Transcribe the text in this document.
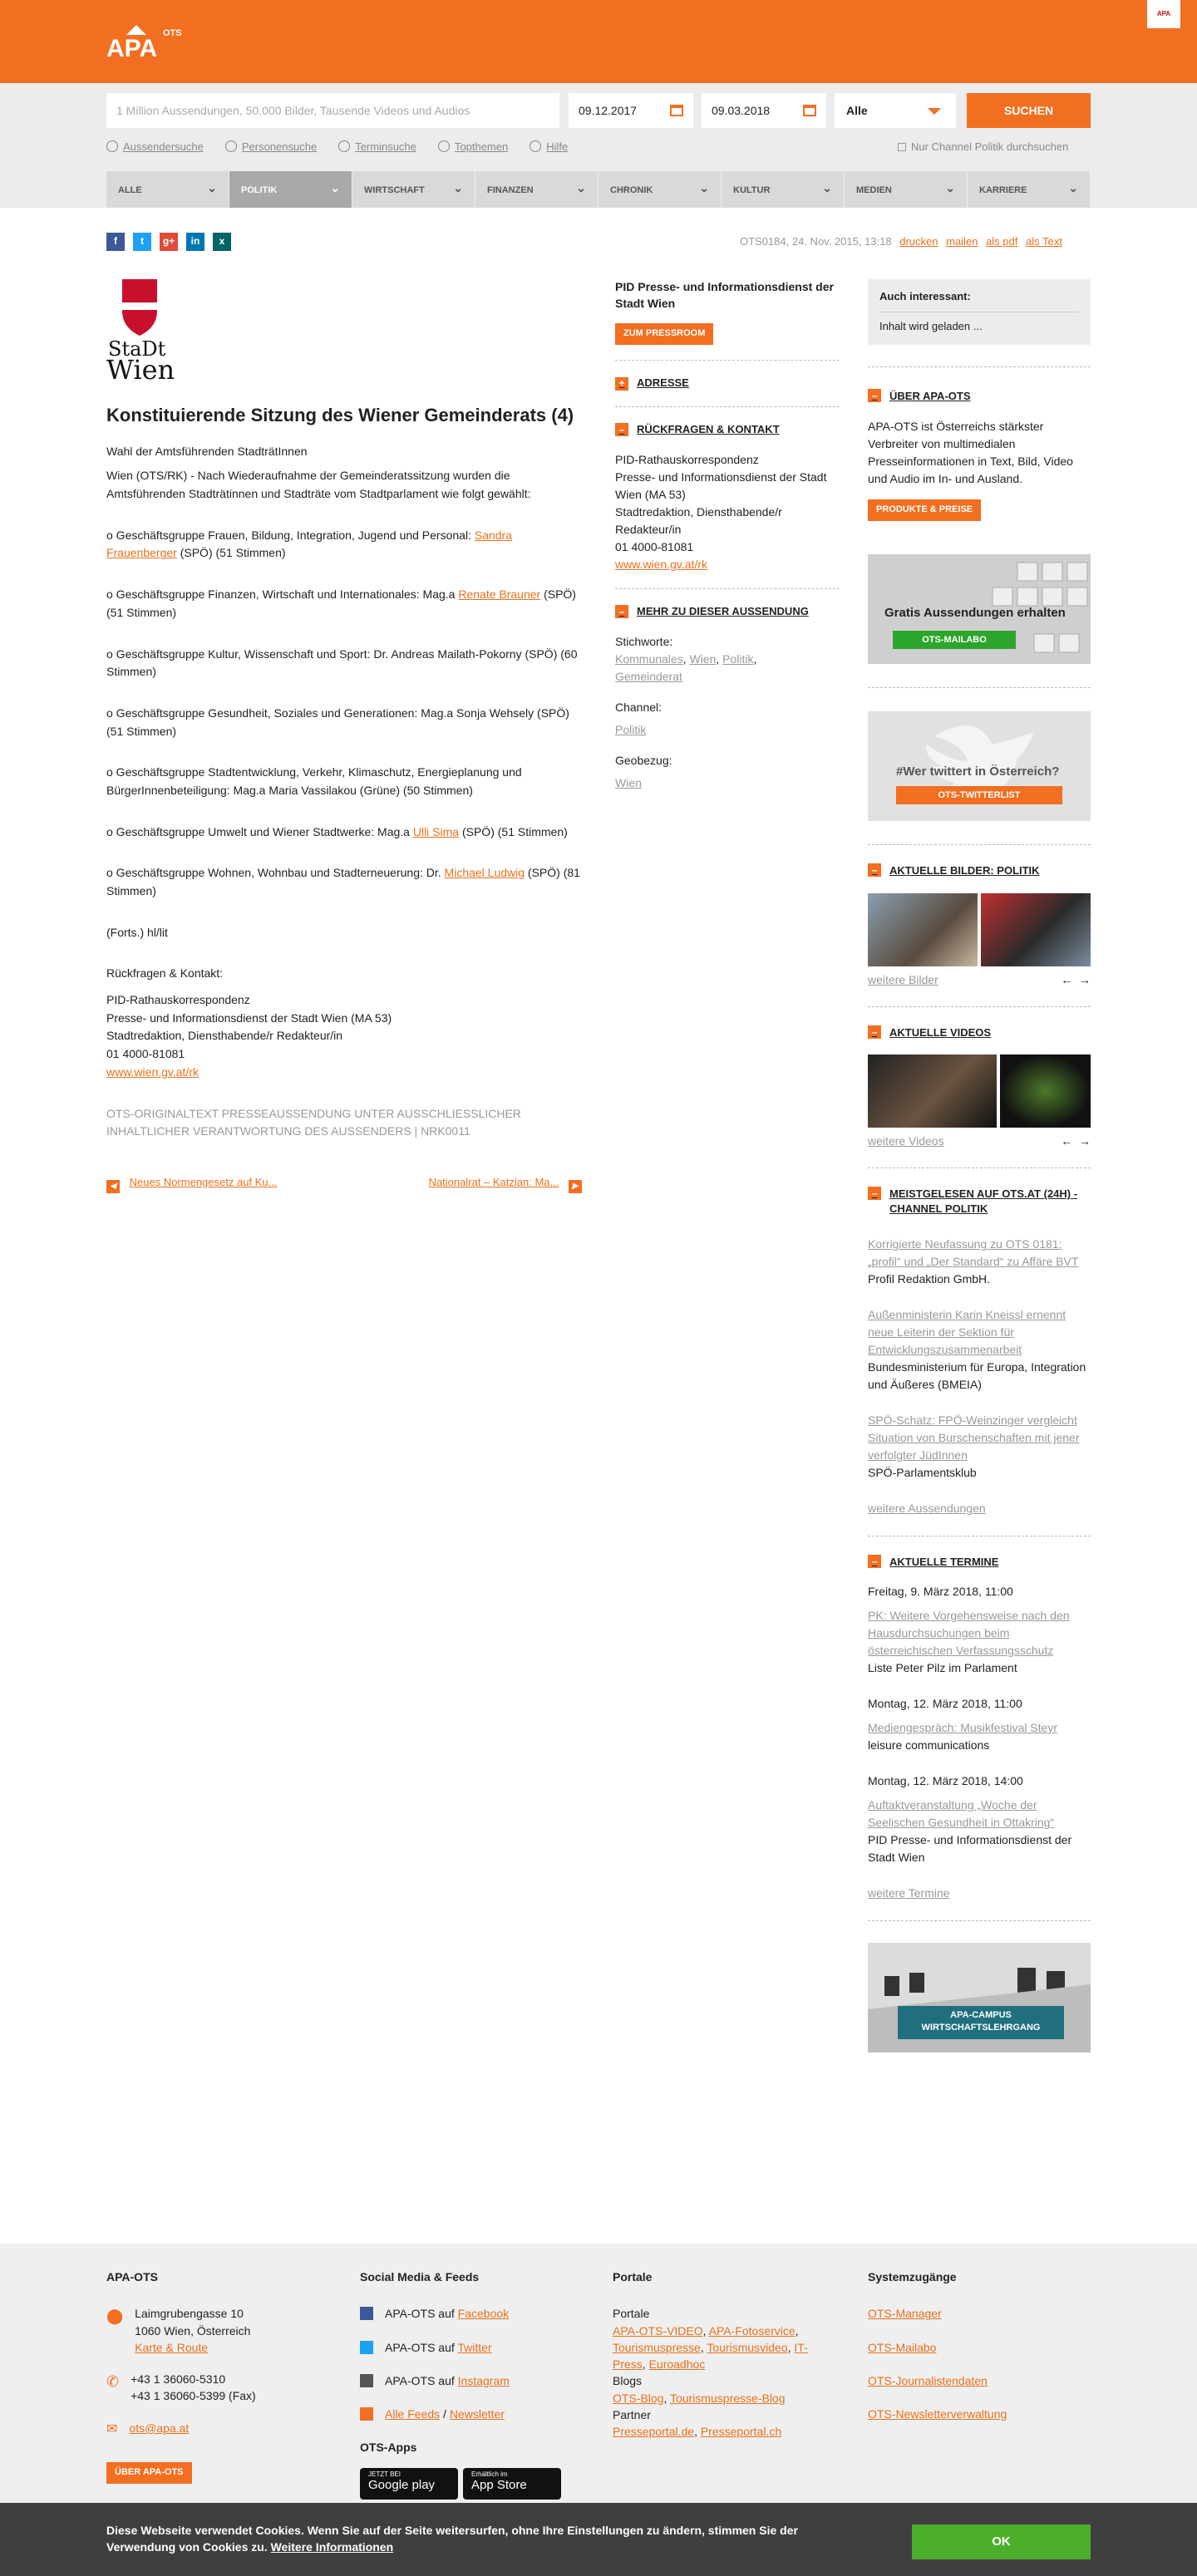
APA
OTS
APA
1 Million Aussendungen, 50.000 Bilder, Tausende Videos und Audios	09.12.2017	09.03.2018	Alle	SUCHEN
Aussendersuche	Personensuche	Terminsuche	Topthemen	Hilfe	Nur Channel Politik durchsuchen
ALLE ⌄	POLITIK ⌄	WIRTSCHAFT ⌄	FINANZEN ⌄	CHRONIK ⌄	KULTUR ⌄	MEDIEN ⌄	KARRIERE ⌄
f	t	g+	in	x	OTS0184, 24. Nov. 2015, 13:18 drucken mailen als pdf als Text
StaDt
Wien
Konstituierende Sitzung des Wiener Gemeinderats (4)

Wahl der Amtsführenden StadträtInnen

Wien (OTS/RK) - Nach Wiederaufnahme der Gemeinderatssitzung wurden die Amtsführenden Stadträtinnen und Stadträte vom Stadtparlament wie folgt gewählt:

o Geschäftsgruppe Frauen, Bildung, Integration, Jugend und Personal: Sandra Frauenberger (SPÖ) (51 Stimmen)

o Geschäftsgruppe Finanzen, Wirtschaft und Internationales: Mag.a Renate Brauner (SPÖ) (51 Stimmen)

o Geschäftsgruppe Kultur, Wissenschaft und Sport: Dr. Andreas Mailath-Pokorny (SPÖ) (60 Stimmen)

o Geschäftsgruppe Gesundheit, Soziales und Generationen: Mag.a Sonja Wehsely (SPÖ) (51 Stimmen)

o Geschäftsgruppe Stadtentwicklung, Verkehr, Klimaschutz, Energieplanung und BürgerInnenbeteiligung: Mag.a Maria Vassilakou (Grüne) (50 Stimmen)

o Geschäftsgruppe Umwelt und Wiener Stadtwerke: Mag.a Ulli Sima (SPÖ) (51 Stimmen)

o Geschäftsgruppe Wohnen, Wohnbau und Stadterneuerung: Dr. Michael Ludwig (SPÖ) (81 Stimmen)

(Forts.) hl/lit

Rückfragen & Kontakt:

PID-Rathauskorrespondenz
Presse- und Informationsdienst der Stadt Wien (MA 53)
Stadtredaktion, Diensthabende/r Redakteur/in
01 4000-81081
www.wien.gv.at/rk

OTS-ORIGINALTEXT PRESSEAUSSENDUNG UNTER AUSSCHLIESSLICHER INHALTLICHER VERANTWORTUNG DES AUSSENDERS | NRK0011

◀ Neues Normengesetz auf Ku...	Nationalrat – Katzian: Ma... ▶
PID Presse- und Informationsdienst der Stadt Wien
ZUM PRESSROOM
+	ADRESSE
–	RÜCKFRAGEN & KONTAKT

PID-Rathauskorrespondenz
Presse- und Informationsdienst der Stadt Wien (MA 53)
Stadtredaktion, Diensthabende/r Redakteur/in
01 4000-81081
www.wien.gv.at/rk

–	MEHR ZU DIESER AUSSENDUNG

Stichworte:

Kommunales, Wien, Politik, Gemeinderat

Channel:

Politik

Geobezug:

Wien

Auch interessant:
Inhalt wird geladen ...
–	ÜBER APA-OTS

APA-OTS ist Österreichs stärkster Verbreiter von multimedialen Presseinformationen in Text, Bild, Video und Audio im In- und Ausland.

PRODUKTE & PREISE
Gratis Aussendungen erhalten
OTS-MAILABO
#Wer twittert in Österreich?
OTS-TWITTERLIST
–	AKTUELLE BILDER: POLITIK
weitere Bilder	←  →
–	AKTUELLE VIDEOS
weitere Videos	←  →
–	MEISTGELESEN AUF OTS.AT (24H) - CHANNEL POLITIK
Korrigierte Neufassung zu OTS 0181: „profil“ und „Der Standard“ zu Affäre BVT
Profil Redaktion GmbH.
Außenministerin Karin Kneissl ernennt neue Leiterin der Sektion für Entwicklungszusammenarbeit
Bundesministerium für Europa, Integration und Äußeres (BMEIA)
SPÖ-Schatz: FPÖ-Weinzinger vergleicht Situation von Burschenschaften mit jener verfolgter JüdInnen
SPÖ-Parlamentsklub
weitere Aussendungen
–	AKTUELLE TERMINE
Freitag, 9. März 2018, 11:00

PK: Weitere Vorgehensweise nach den Hausdurchsuchungen beim österreichischen Verfassungsschutz
Liste Peter Pilz im Parlament
Montag, 12. März 2018, 11:00

Mediengespräch: Musikfestival Steyr
leisure communications
Montag, 12. März 2018, 14:00

Auftaktveranstaltung „Woche der Seelischen Gesundheit in Ottakring“
PID Presse- und Informationsdienst der Stadt Wien
weitere Termine
APA-CAMPUS WIRTSCHAFTSLEHRGANG
APA-OTS
⬤ Laimgrubengasse 10
1060 Wien, Österreich
Karte & Route
✆ +43 1 36060-5310
+43 1 36060-5399 (Fax)
✉ ots@apa.at
ÜBER APA-OTS
Social Media & Feeds
APA-OTS auf Facebook
APA-OTS auf Twitter
APA-OTS auf Instagram
Alle Feeds / Newsletter
OTS-Apps
JETZT BEI
Google play
Erhältlich im
App Store
Portale
Portale
APA-OTS-VIDEO, APA-Fotoservice, Tourismuspresse, Tourismusvideo, IT-Press, Euroadhoc
Blogs
OTS-Blog, Tourismuspresse-Blog
Partner
Presseportal.de, Presseportal.ch
Systemzugänge
OTS-Manager
OTS-Mailabo
OTS-Journalistendaten
OTS-Newsletterverwaltung
Diese Webseite verwendet Cookies. Wenn Sie auf der Seite weitersurfen, ohne Ihre Einstellungen zu ändern, stimmen Sie der Verwendung von Cookies zu. Weitere Informationen	OK
